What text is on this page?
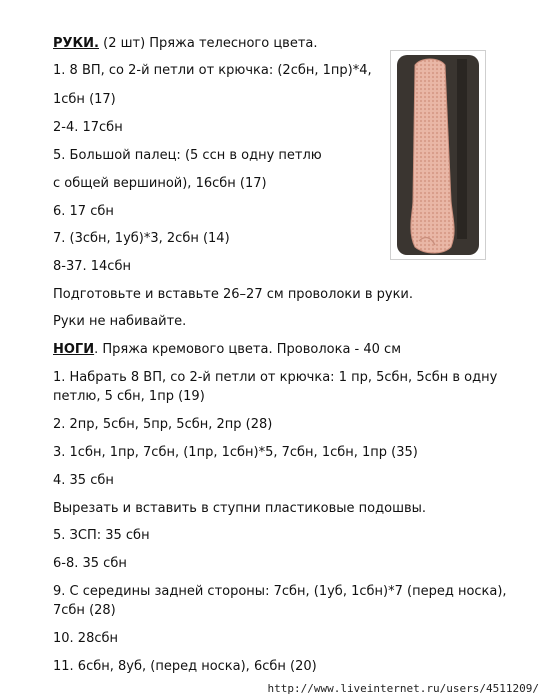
РУКИ. (2 шт) Пряжа телесного цвета.
1. 8 ВП, со 2-й петли от крючка: (2сбн, 1пр)*4,
1сбн (17)
2-4. 17сбн
5. Большой палец: (5 ссн в одну петлю
с общей вершиной), 16сбн (17)
6. 17 сбн
7. (3сбн, 1уб)*3, 2сбн (14)
8-37. 14сбн
Подготовьте и вставьте 26–27 см проволоки в руки.
Руки не набивайте.
НОГИ. Пряжа кремового цвета. Проволока - 40 см
1. Набрать 8 ВП, со 2-й петли от крючка: 1 пр, 5сбн, 5сбн в одну
петлю, 5 сбн, 1пр (19)
2. 2пр, 5сбн, 5пр, 5сбн, 2пр (28)
3. 1сбн, 1пр, 7сбн, (1пр, 1сбн)*5, 7сбн, 1сбн, 1пр (35)
4. 35 сбн
Вырезать и вставить в ступни пластиковые подошвы.
5. ЗСП: 35 сбн
6-8. 35 сбн
9. С середины задней стороны: 7сбн, (1уб, 1сбн)*7 (перед носка),
7сбн (28)
10. 28сбн
11. 6сбн, 8уб, (перед носка), 6сбн (20)
http://www.liveinternet.ru/users/4511209/
